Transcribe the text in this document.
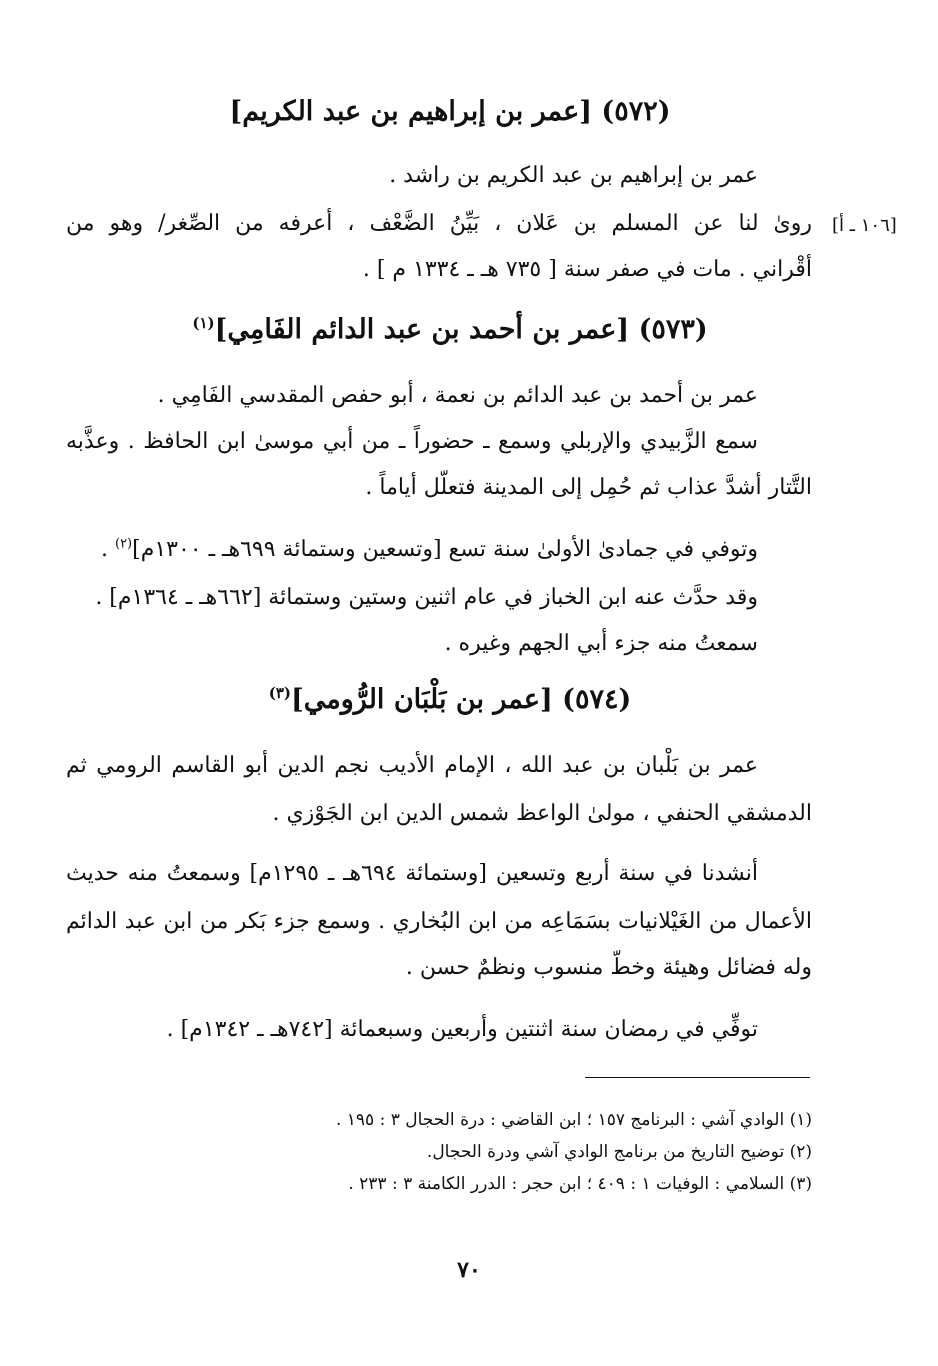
(٥٧٢) [عمر بن إبراهيم بن عبد الكريم]
عمر بن إبراهيم بن عبد الكريم بن راشد .
روىٰ لنا عن المسلم بن عَلان ، بَيِّنُ الضَّعْف ، أعرفه من الصِّغر/ وهو من
أقْراني . مات في صفر سنة [ ٧٣٥ هـ ـ ١٣٣٤ م ] .
[١٠٦ ـ أ]
(٥٧٣) [عمر بن أحمد بن عبد الدائم الفَامِي]$^{(١)}$
عمر بن أحمد بن عبد الدائم بن نعمة ، أبو حفص المقدسي الفَامِي .
سمع الزَّبيدي والإربلي وسمع ـ حضوراً ـ من أبي موسىٰ ابن الحافظ . وعذَّبه
التَّتار أشدَّ عذاب ثم حُمِل إلى المدينة فتعلَّل أياماً .
وتوفي في جمادىٰ الأولىٰ سنة تسع [وتسعين وستمائة ٦٩٩هـ ـ ١٣٠٠م]$^{(٢)}$ .
وقد حدَّث عنه ابن الخباز في عام اثنين وستين وستمائة [٦٦٢هـ ـ ١٣٦٤م] .
سمعتُ منه جزء أبي الجهم وغيره .
(٥٧٤) [عمر بن بَلْبَان الرُّومي]$^{(٣)}$
عمر بن بَلْبان بن عبد الله ، الإمام الأديب نجم الدين أبو القاسم الرومي ثم
الدمشقي الحنفي ، مولىٰ الواعظ شمس الدين ابن الجَوْزي .
أنشدنا في سنة أربع وتسعين [وستمائة ٦٩٤هـ ـ ١٢٩٥م] وسمعتُ منه حديث
الأعمال من الغَيْلانيات بسَمَاعِه من ابن البُخاري . وسمع جزء بَكر من ابن عبد الدائم
وله فضائل وهيئة وخطٌّ منسوب ونظمٌ حسن .
توفِّي في رمضان سنة اثنتين وأربعين وسبعمائة [٧٤٢هـ ـ ١٣٤٢م] .
(١) الوادي آشي : البرنامج ١٥٧ ؛ ابن القاضي : درة الحجال ٣ : ١٩٥ .
(٢) توضيح التاريخ من برنامج الوادي آشي ودرة الحجال.
(٣) السلامي : الوفيات ١ : ٤٠٩ ؛ ابن حجر : الدرر الكامنة ٣ : ٢٣٣ .
٧٠
